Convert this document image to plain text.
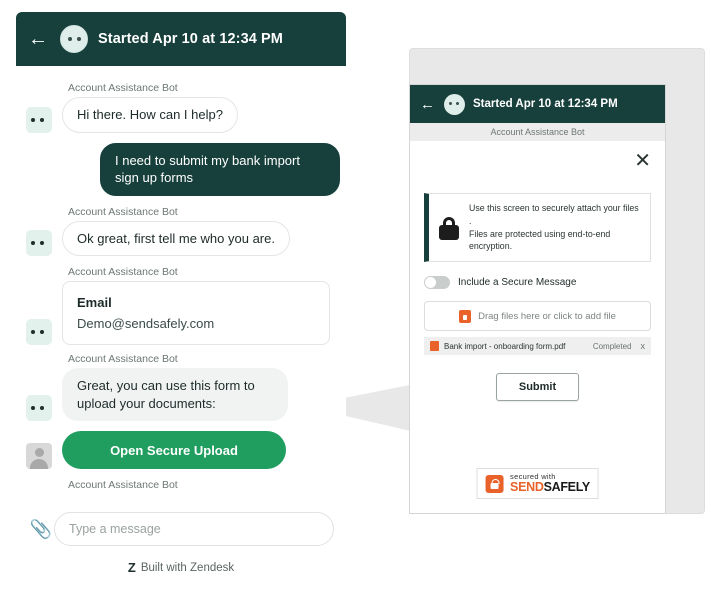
←	Started Apr 10 at 12:34 PM
Account Assistance Bot
Hi there. How can I help?
I need to submit my bank import sign up forms
Account Assistance Bot
Ok great, first tell me who you are.
Account Assistance Bot
Email
Demo@sendsafely.com
Account Assistance Bot
Great, you can use this form to upload your documents:
Open Secure Upload
Account Assistance Bot
📎
Type a message
Z Built with Zendesk
←	Started Apr 10 at 12:34 PM
Account Assistance Bot
✕
Use this screen to securely attach your files .
Files are protected using end-to-end encryption.
Include a Secure Message
Drag files here or click to add file
Bank import - onboarding form.pdf	Completed	x
Submit
secured with
SENDSAFELY
